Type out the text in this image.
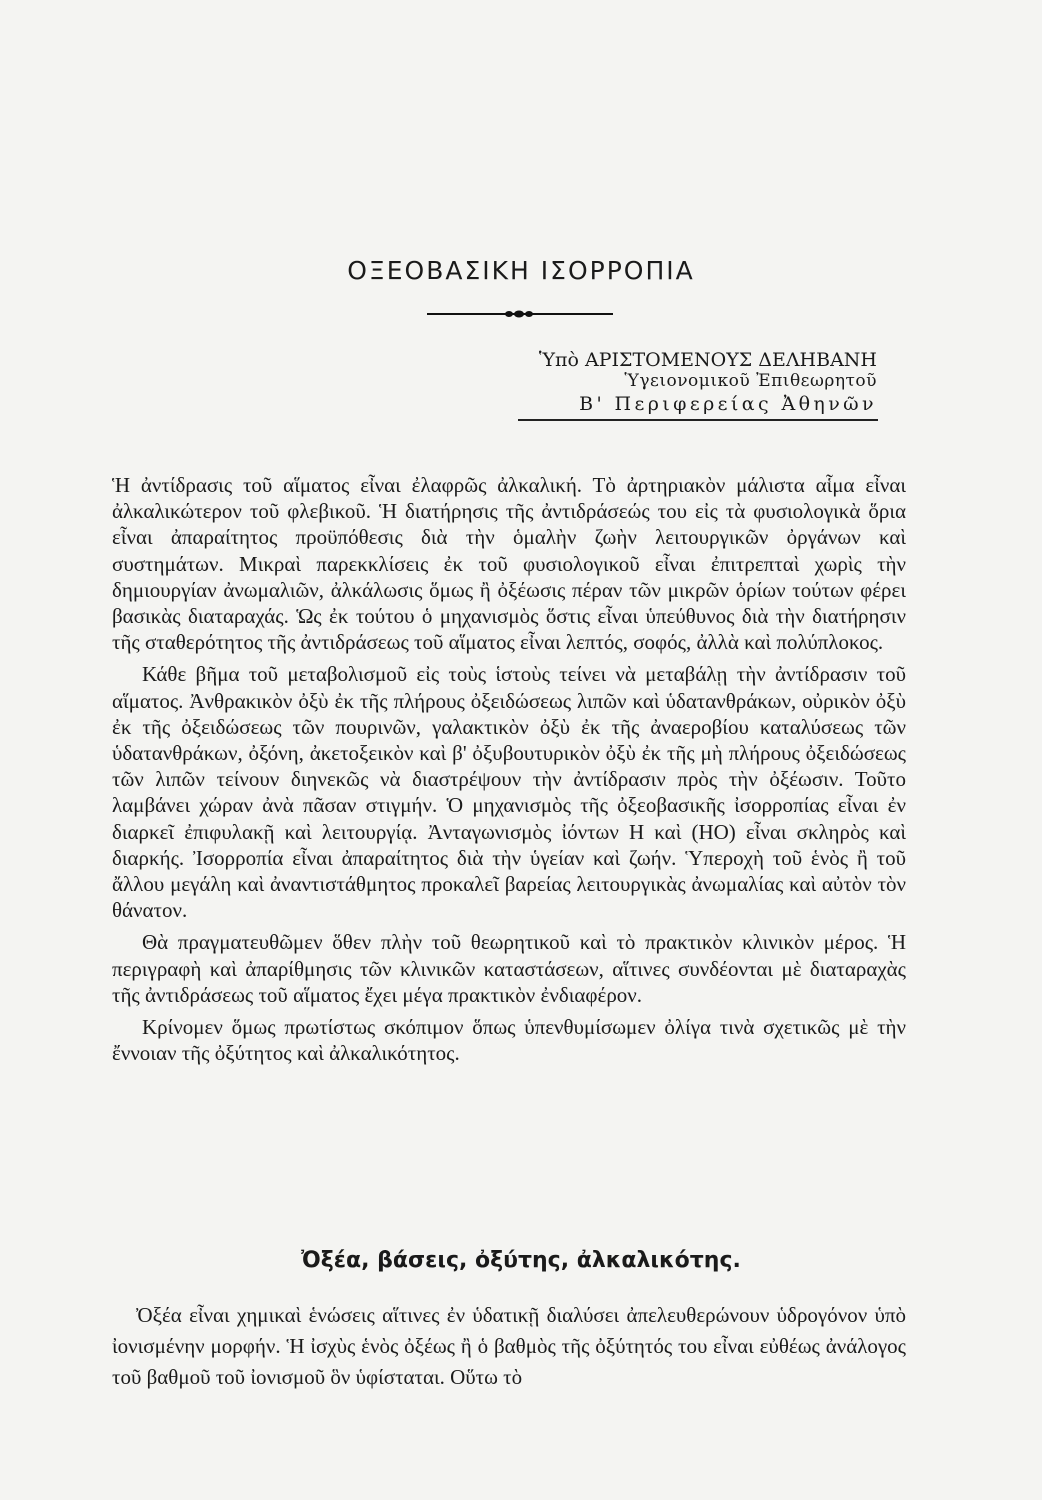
ΟΞΕΟΒΑΣΙΚΗ ΙΣΟΡΡΟΠΙΑ
Ὑπὸ ΑΡΙΣΤΟΜΕΝΟΥΣ ΔΕΛΗΒΑΝΗ
Ὑγειονομικοῦ Ἐπιθεωρητοῦ
Β' Περιφερείας Ἀθηνῶν

Ἡ ἀντίδρασις τοῦ αἵματος εἶναι ἐλαφρῶς ἀλκαλική. Τὸ ἀρτηριακὸν μάλιστα αἷμα εἶναι ἀλκαλικώτερον τοῦ φλεβικοῦ. Ἡ διατήρησις τῆς ἀντιδράσεώς του εἰς τὰ φυσιολογικὰ ὅρια εἶναι ἀπαραίτητος προϋπόθεσις διὰ τὴν ὁμαλὴν ζωὴν λειτουργικῶν ὀργάνων καὶ συστημάτων. Μικραὶ παρεκκλίσεις ἐκ τοῦ φυσιολογικοῦ εἶναι ἐπιτρεπταὶ χωρὶς τὴν δημιουργίαν ἀνωμαλιῶν, ἀλκάλωσις ὅμως ἢ ὀξέωσις πέραν τῶν μικρῶν ὁρίων τούτων φέρει βασικὰς διαταραχάς. Ὡς ἐκ τούτου ὁ μηχανισμὸς ὅστις εἶναι ὑπεύθυνος διὰ τὴν διατήρησιν τῆς σταθερότητος τῆς ἀντιδράσεως τοῦ αἵματος εἶναι λεπτός, σοφός, ἀλλὰ καὶ πολύπλοκος.

Κάθε βῆμα τοῦ μεταβολισμοῦ εἰς τοὺς ἱστοὺς τείνει νὰ μεταβάλῃ τὴν ἀντίδρασιν τοῦ αἵματος. Ἀνθρακικὸν ὀξὺ ἐκ τῆς πλήρους ὀξειδώσεως λιπῶν καὶ ὑδατανθράκων, οὐρικὸν ὀξὺ ἐκ τῆς ὀξειδώσεως τῶν πουρινῶν, γαλακτικὸν ὀξὺ ἐκ τῆς ἀναεροβίου καταλύσεως τῶν ὑδατανθράκων, ὀξόνη, ἀκετοξεικὸν καὶ β' ὀξυβουτυρικὸν ὀξὺ ἐκ τῆς μὴ πλήρους ὀξειδώσεως τῶν λιπῶν τείνουν διηνεκῶς νὰ διαστρέψουν τὴν ἀντίδρασιν πρὸς τὴν ὀξέωσιν. Τοῦτο λαμβάνει χώραν ἀνὰ πᾶσαν στιγμήν. Ὁ μηχανισμὸς τῆς ὀξεοβασικῆς ἰσορροπίας εἶναι ἐν διαρκεῖ ἐπιφυλακῇ καὶ λειτουργίᾳ. Ἀνταγωνισμὸς ἰόντων Η καὶ (ΗΟ) εἶναι σκληρὸς καὶ διαρκής. Ἰσορροπία εἶναι ἀπαραίτητος διὰ τὴν ὑγείαν καὶ ζωήν. Ὑπεροχὴ τοῦ ἑνὸς ἢ τοῦ ἄλλου μεγάλη καὶ ἀναντιστάθμητος προκαλεῖ βαρείας λειτουργικὰς ἀνωμαλίας καὶ αὐτὸν τὸν θάνατον.

Θὰ πραγματευθῶμεν ὅθεν πλὴν τοῦ θεωρητικοῦ καὶ τὸ πρακτικὸν κλινικὸν μέρος. Ἡ περιγραφὴ καὶ ἀπαρίθμησις τῶν κλινικῶν καταστάσεων, αἵτινες συνδέονται μὲ διαταραχὰς τῆς ἀντιδράσεως τοῦ αἵματος ἔχει μέγα πρακτικὸν ἐνδιαφέρον.

Κρίνομεν ὅμως πρωτίστως σκόπιμον ὅπως ὑπενθυμίσωμεν ὀλίγα τινὰ σχετικῶς μὲ τὴν ἔννοιαν τῆς ὀξύτητος καὶ ἀλκαλικότητος.

Ὀξέα, βάσεις, ὀξύτης, ἀλκαλικότης.

Ὀξέα εἶναι χημικαὶ ἑνώσεις αἵτινες ἐν ὑδατικῇ διαλύσει ἀπελευθερώνουν ὑδρογόνον ὑπὸ ἰονισμένην μορφήν. Ἡ ἰσχὺς ἑνὸς ὀξέως ἢ ὁ βαθμὸς τῆς ὀξύτητός του εἶναι εὐθέως ἀνάλογος τοῦ βαθμοῦ τοῦ ἰονισμοῦ ὃν ὑφίσταται. Οὕτω τὸ
